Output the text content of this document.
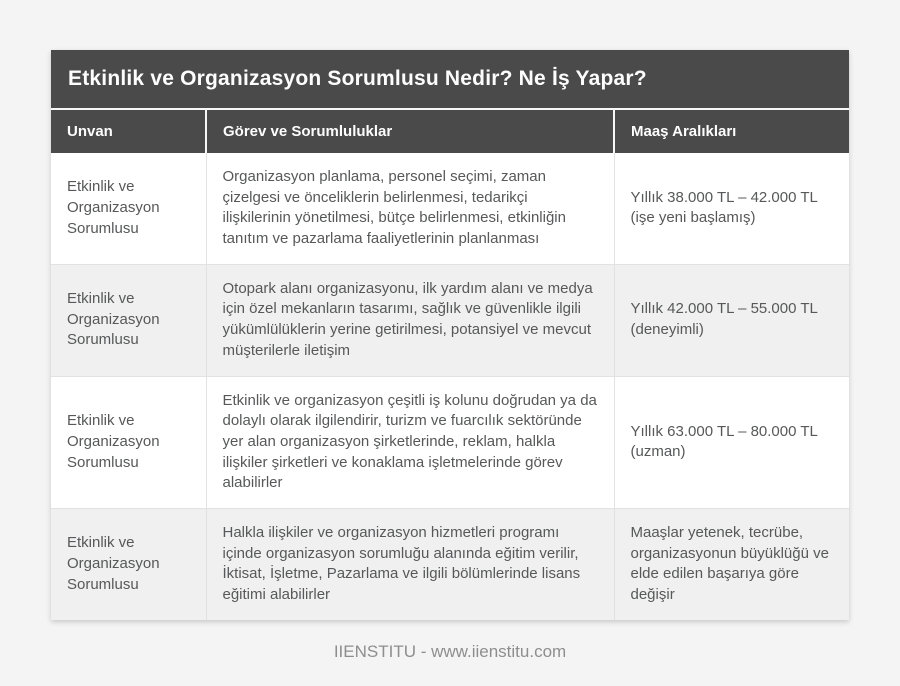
Etkinlik ve Organizasyon Sorumlusu Nedir? Ne İş Yapar?
Unvan	Görev ve Sorumluluklar	Maaş Aralıkları
Etkinlik ve Organizasyon Sorumlusu	Organizasyon planlama, personel seçimi, zaman çizelgesi ve önceliklerin belirlenmesi, tedarikçi ilişkilerinin yönetilmesi, bütçe belirlenmesi, etkinliğin tanıtım ve pazarlama faaliyetlerinin planlanması	Yıllık 38.000 TL – 42.000 TL (işe yeni başlamış)
Etkinlik ve Organizasyon Sorumlusu	Otopark alanı organizasyonu, ilk yardım alanı ve medya için özel mekanların tasarımı, sağlık ve güvenlikle ilgili yükümlülüklerin yerine getirilmesi, potansiyel ve mevcut müşterilerle iletişim	Yıllık 42.000 TL – 55.000 TL (deneyimli)
Etkinlik ve Organizasyon Sorumlusu	Etkinlik ve organizasyon çeşitli iş kolunu doğrudan ya da dolaylı olarak ilgilendirir, turizm ve fuarcılık sektöründe yer alan organizasyon şirketlerinde, reklam, halkla ilişkiler şirketleri ve konaklama işletmelerinde görev alabilirler	Yıllık 63.000 TL – 80.000 TL (uzman)
Etkinlik ve Organizasyon Sorumlusu	Halkla ilişkiler ve organizasyon hizmetleri programı içinde organizasyon sorumluğu alanında eğitim verilir, İktisat, İşletme, Pazarlama ve ilgili bölümlerinde lisans eğitimi alabilirler	Maaşlar yetenek, tecrübe, organizasyonun büyüklüğü ve elde edilen başarıya göre değişir
IIENSTITU - www.iienstitu.com
